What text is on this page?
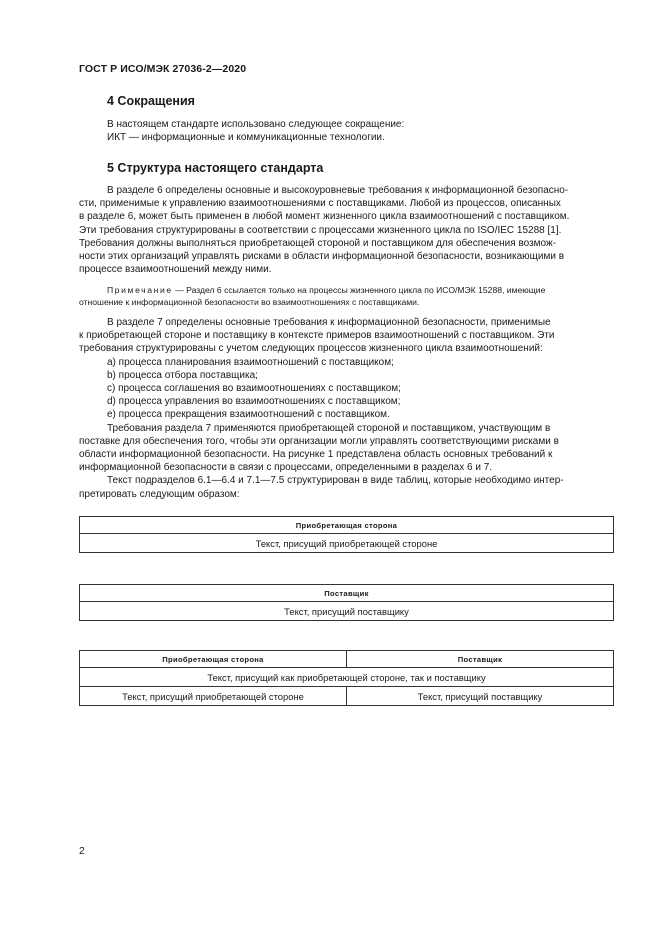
ГОСТ Р ИСО/МЭК 27036-2—2020
4 Сокращения
В настоящем стандарте использовано следующее сокращение:
ИКТ — информационные и коммуникационные технологии.
5 Структура настоящего стандарта
В разделе 6 определены основные и высокоуровневые требования к информационной безопасно-
сти, применимые к управлению взаимоотношениями с поставщиками. Любой из процессов, описанных
в разделе 6, может быть применен в любой момент жизненного цикла взаимоотношений с поставщиком.
Эти требования структурированы в соответствии с процессами жизненного цикла по ISO/IEC 15288 [1].
Требования должны выполняться приобретающей стороной и поставщиком для обеспечения возмож-
ности этих организаций управлять рисками в области информационной безопасности, возникающими в
процессе взаимоотношений между ними.
Примечание — Раздел 6 ссылается только на процессы жизненного цикла по ИСО/МЭК 15288, имеющие
отношение к информационной безопасности во взаимоотношениях с поставщиками.
В разделе 7 определены основные требования к информационной безопасности, применимые
к приобретающей стороне и поставщику в контексте примеров взаимоотношений с поставщиком. Эти
требования структурированы с учетом следующих процессов жизненного цикла взаимоотношений:
a) процесса планирования взаимоотношений с поставщиком;
b) процесса отбора поставщика;
c) процесса соглашения во взаимоотношениях с поставщиком;
d) процесса управления во взаимоотношениях с поставщиком;
e) процесса прекращения взаимоотношений с поставщиком.
Требования раздела 7 применяются приобретающей стороной и поставщиком, участвующим в
поставке для обеспечения того, чтобы эти организации могли управлять соответствующими рисками в
области информационной безопасности. На рисунке 1 представлена область основных требований к
информационной безопасности в связи с процессами, определенными в разделах 6 и 7.
Текст подразделов 6.1—6.4 и 7.1—7.5 структурирован в виде таблиц, которые необходимо интер-
претировать следующим образом:
Приобретающая сторона
Текст, присущий приобретающей стороне
Поставщик
Текст, присущий поставщику
Приобретающая сторона	Поставщик
Текст, присущий как приобретающей стороне, так и поставщику	
Текст, присущий приобретающей стороне	Текст, присущий поставщику
2
